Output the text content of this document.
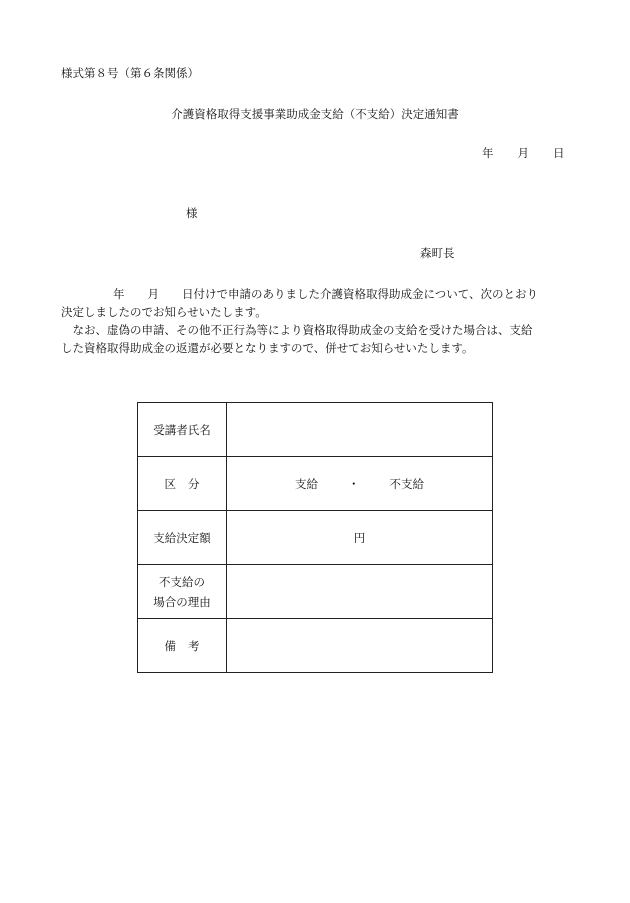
様式第８号（第６条関係）
介護資格取得支援事業助成金支給（不支給）決定通知書
年 月 日
様
森町長
年 月 日付けで申請のありました介護資格取得助成金について、次のとおり
決定しましたのでお知らせいたします。
　なお、虚偽の申請、その他不正行為等により資格取得助成金の支給を受けた場合は、支給
した資格取得助成金の返還が必要となりますので、併せてお知らせいたします。
受講者氏名	
区分	支給 ・ 不支給
支給決定額	円

不支給の
場合の理由	

備考	
